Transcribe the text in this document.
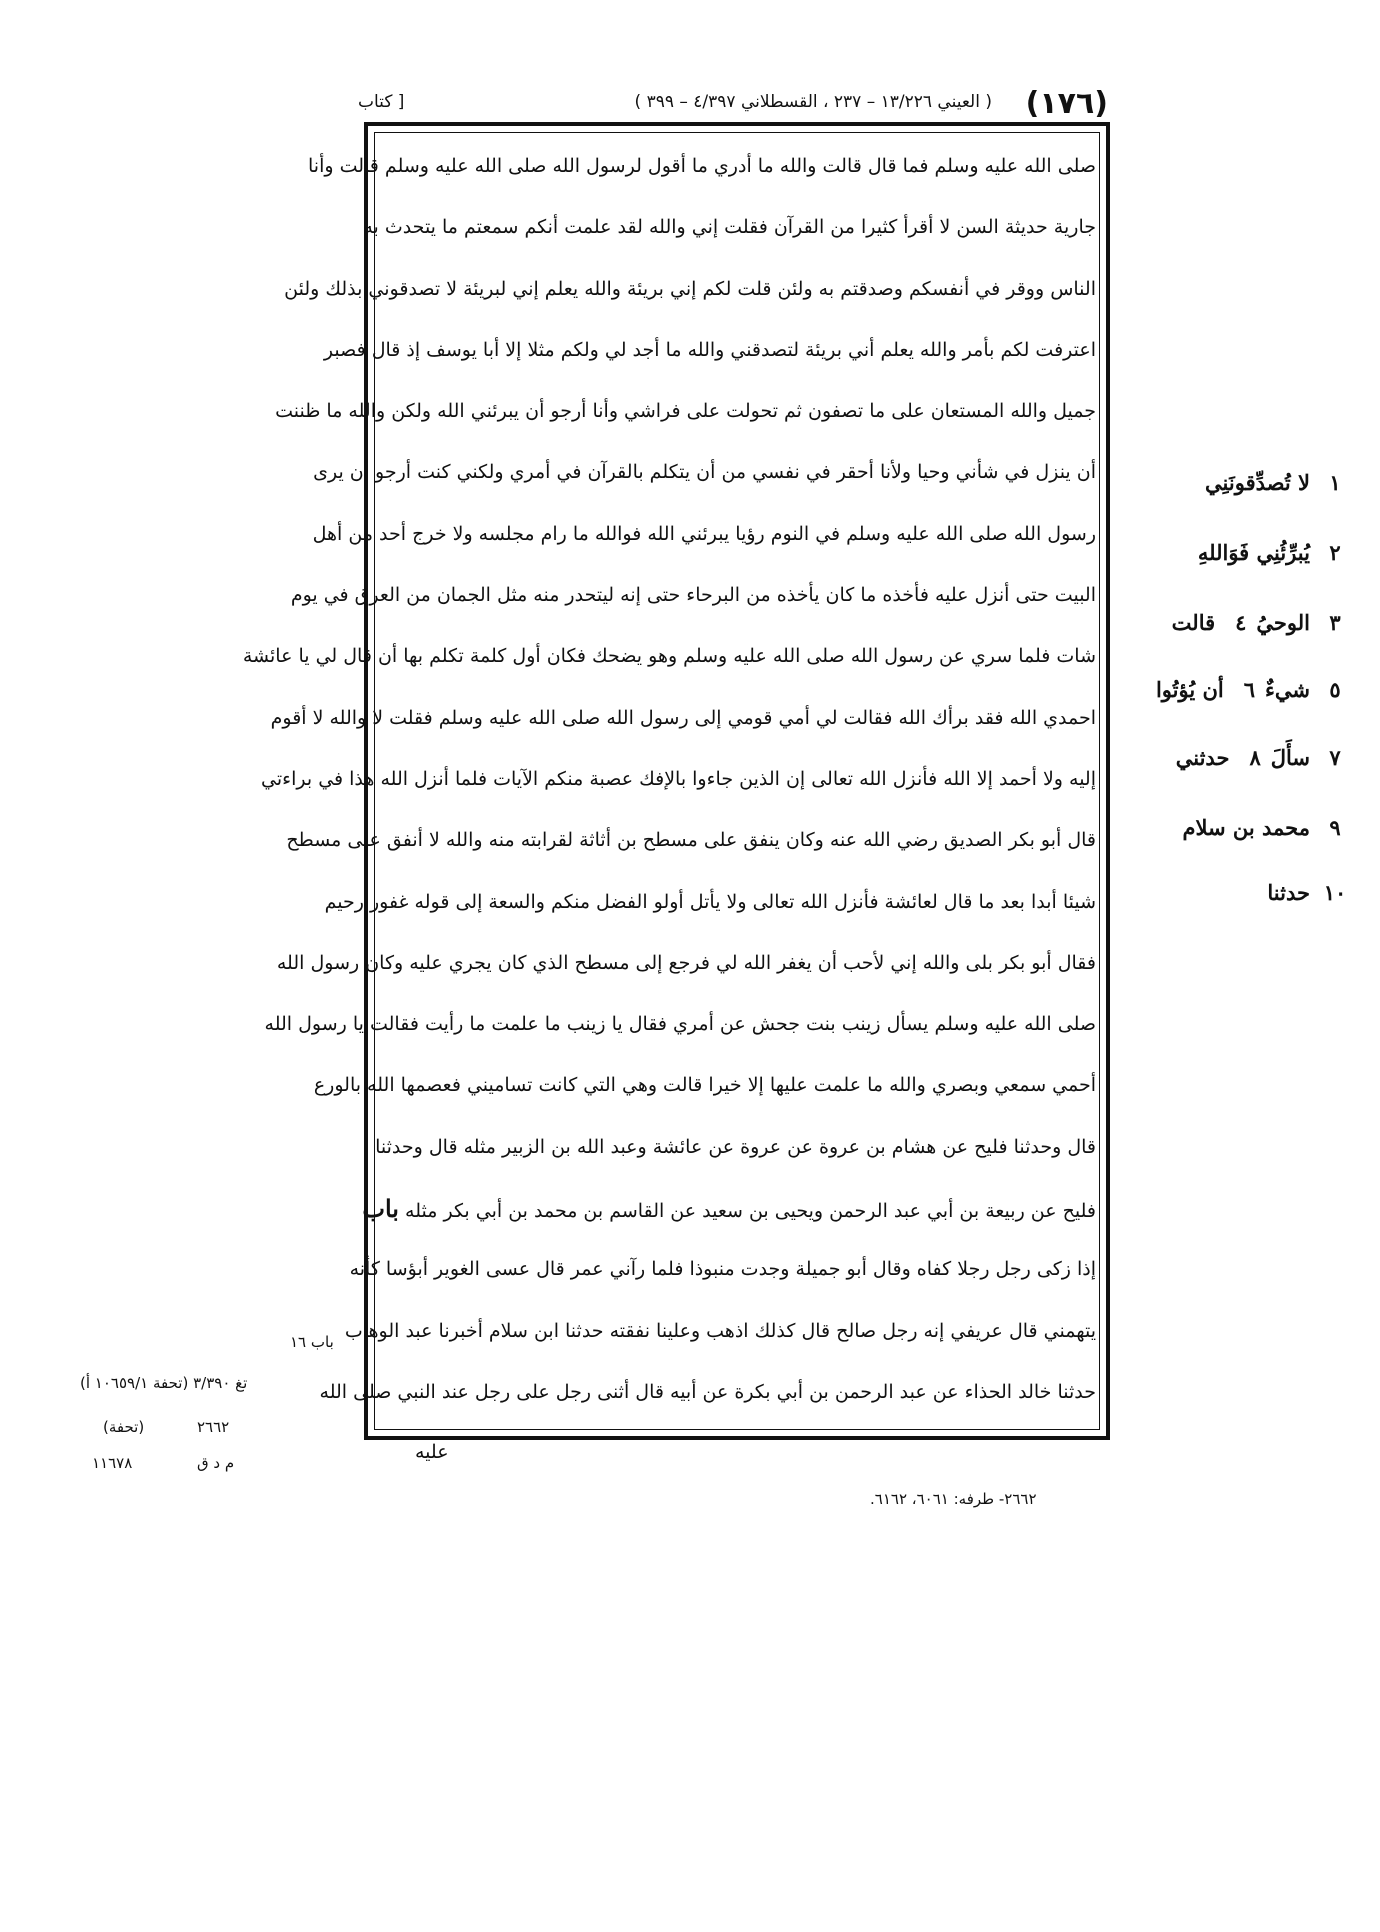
(١٧٦)
( العيني ١٣/٢٢٦ – ٢٣٧ ، القسطلاني ٤/٣٩٧ – ٣٩٩ )
[ كتاب
صلى الله عليه وسلم فما قال قالت والله ما أدري ما أقول لرسول الله صلى الله عليه وسلم قالت وأنا
جارية حديثة السن لا أقرأ كثيرا من القرآن فقلت إني والله لقد علمت أنكم سمعتم ما يتحدث به
الناس ووقر في أنفسكم وصدقتم به ولئن قلت لكم إني بريئة والله يعلم إني لبريئة لا تصدقوني بذلك ولئن
اعترفت لكم بأمر والله يعلم أني بريئة لتصدقني والله ما أجد لي ولكم مثلا إلا أبا يوسف إذ قال فصبر
جميل والله المستعان على ما تصفون ثم تحولت على فراشي وأنا أرجو أن يبرئني الله ولكن والله ما ظننت
أن ينزل في شأني وحيا ولأنا أحقر في نفسي من أن يتكلم بالقرآن في أمري ولكني كنت أرجو أن يرى
رسول الله صلى الله عليه وسلم في النوم رؤيا يبرئني الله فوالله ما رام مجلسه ولا خرج أحد من أهل
البيت حتى أنزل عليه فأخذه ما كان يأخذه من البرحاء حتى إنه ليتحدر منه مثل الجمان من العرق في يوم
شات فلما سري عن رسول الله صلى الله عليه وسلم وهو يضحك فكان أول كلمة تكلم بها أن قال لي يا عائشة
احمدي الله فقد برأك الله فقالت لي أمي قومي إلى رسول الله صلى الله عليه وسلم فقلت لا والله لا أقوم
إليه ولا أحمد إلا الله فأنزل الله تعالى إن الذين جاءوا بالإفك عصبة منكم الآيات فلما أنزل الله هذا في براءتي
قال أبو بكر الصديق رضي الله عنه وكان ينفق على مسطح بن أثاثة لقرابته منه والله لا أنفق على مسطح
شيئا أبدا بعد ما قال لعائشة فأنزل الله تعالى ولا يأتل أولو الفضل منكم والسعة إلى قوله غفور رحيم
فقال أبو بكر بلى والله إني لأحب أن يغفر الله لي فرجع إلى مسطح الذي كان يجري عليه وكان رسول الله
صلى الله عليه وسلم يسأل زينب بنت جحش عن أمري فقال يا زينب ما علمت ما رأيت فقالت يا رسول الله
أحمي سمعي وبصري والله ما علمت عليها إلا خيرا قالت وهي التي كانت تساميني فعصمها الله بالورع
قال وحدثنا فليح عن هشام بن عروة عن عروة عن عائشة وعبد الله بن الزبير مثله قال وحدثنا
فليح عن ربيعة بن أبي عبد الرحمن ويحيى بن سعيد عن القاسم بن محمد بن أبي بكر مثله باب
إذا زكى رجل رجلا كفاه وقال أبو جميلة وجدت منبوذا فلما رآني عمر قال عسى الغوير أبؤسا كأنه
يتهمني قال عريفي إنه رجل صالح قال كذلك اذهب وعلينا نفقته حدثنا ابن سلام أخبرنا عبد الوهاب
حدثنا خالد الحذاء عن عبد الرحمن بن أبي بكرة عن أبيه قال أثنى رجل على رجل عند النبي صلى الله
عليه
١لا تُصدِّقونَنِي
٢يُبرِّئُنِي فَوَاللهِ
٣الوحيُ٤قالت
٥شيءٌ٦أن يُؤتُوا
٧سأَلَ٨حدثني
٩محمد بن سلام
١٠حدثنا
باب ١٦
تغ ٣/٣٩٠ (تحفة ١٠٦٥٩/١ أ)
(تحفة)	٢٦٦٢
١١٦٧٨	م د ق
٢٦٦٢- طرفه: ٦٠٦١، ٦١٦٢.
